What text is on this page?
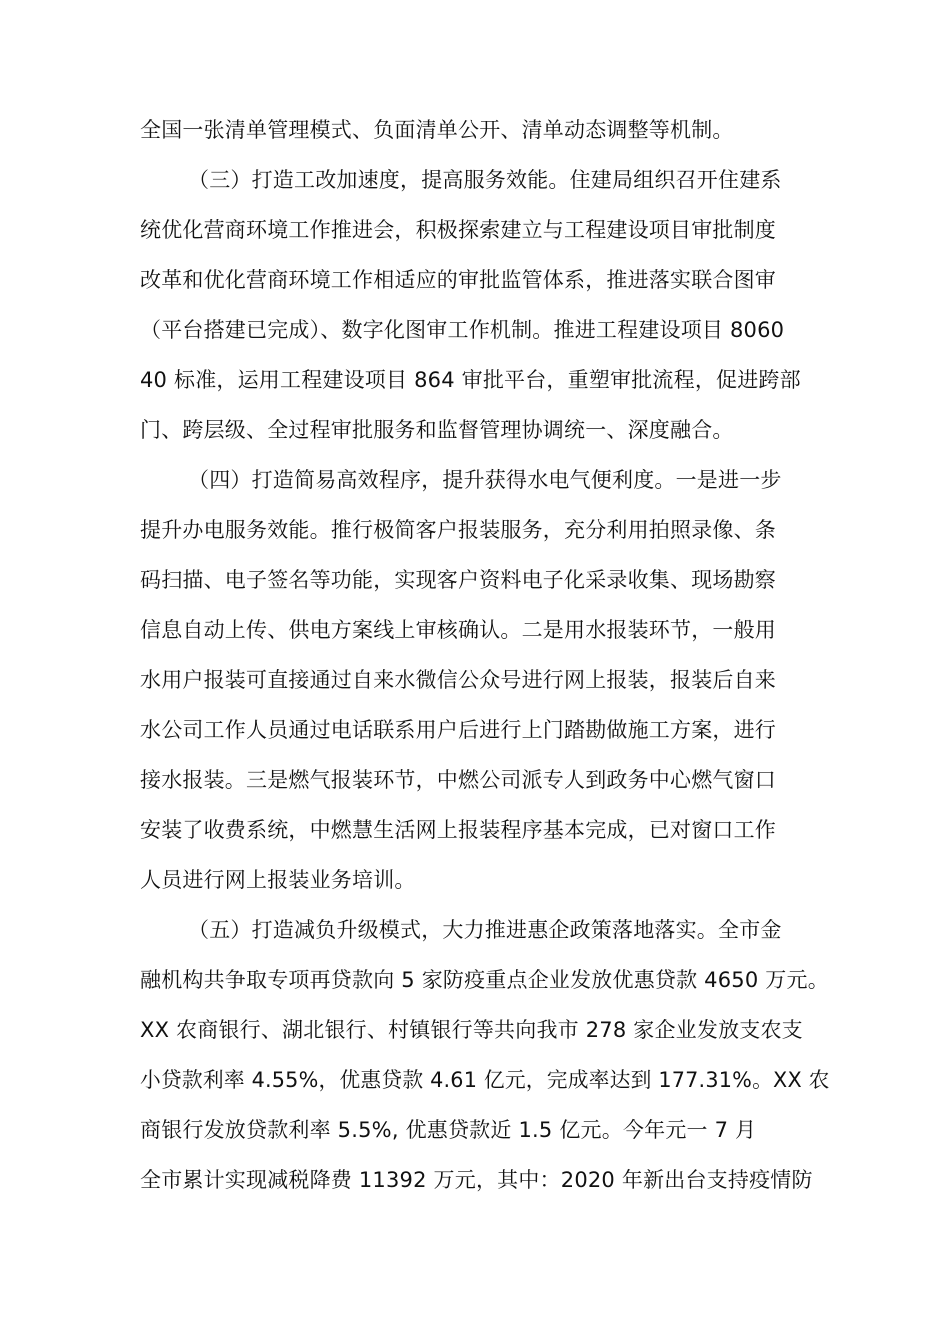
全国一张清单管理模式、负面清单公开、清单动态调整等机制。
（三）打造工改加速度，提高服务效能。住建局组织召开住建系
统优化营商环境工作推进会，积极探索建立与工程建设项目审批制度
改革和优化营商环境工作相适应的审批监管体系，推进落实联合图审
（平台搭建已完成）、数字化图审工作机制。推进工程建设项目 8060
40 标准，运用工程建设项目 864 审批平台，重塑审批流程，促进跨部
门、跨层级、全过程审批服务和监督管理协调统一、深度融合。
（四）打造简易高效程序，提升获得水电气便利度。一是进一步
提升办电服务效能。推行极简客户报装服务，充分利用拍照录像、条
码扫描、电子签名等功能，实现客户资料电子化采录收集、现场勘察
信息自动上传、供电方案线上审核确认。二是用水报装环节，一般用
水用户报装可直接通过自来水微信公众号进行网上报装，报装后自来
水公司工作人员通过电话联系用户后进行上门踏勘做施工方案，进行
接水报装。三是燃气报装环节，中燃公司派专人到政务中心燃气窗口
安装了收费系统，中燃慧生活网上报装程序基本完成，已对窗口工作
人员进行网上报装业务培训。
（五）打造减负升级模式，大力推进惠企政策落地落实。全市金
融机构共争取专项再贷款向 5 家防疫重点企业发放优惠贷款 4650 万元。
XX 农商银行、湖北银行、村镇银行等共向我市 278 家企业发放支农支
小贷款利率 4.55%，优惠贷款 4.61 亿元，完成率达到 177.31%。XX 农
商银行发放贷款利率 5.5%, 优惠贷款近 1.5 亿元。今年元一 7 月
全市累计实现减税降费 11392 万元，其中：2020 年新出台支持疫情防
